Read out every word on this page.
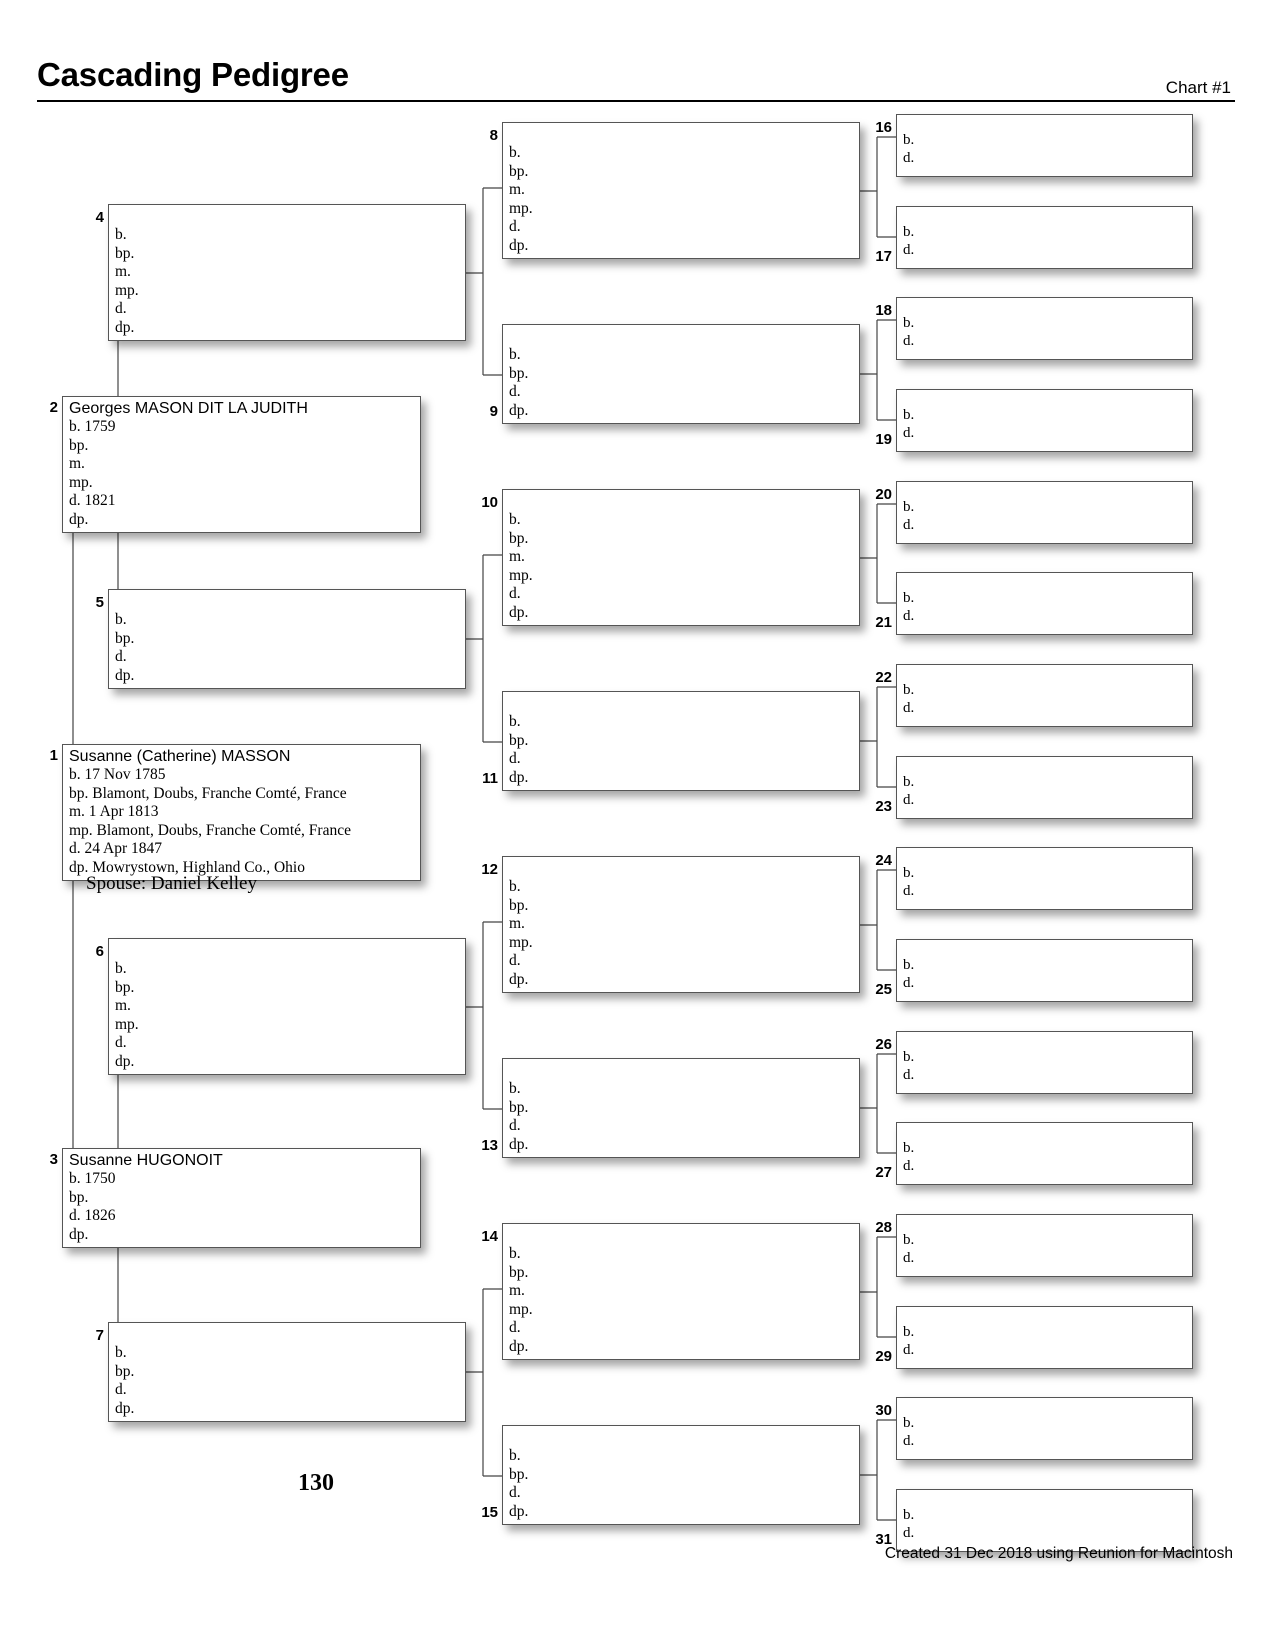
Cascading Pedigree	Chart #1
Susanne (Catherine) MASSON
b. 17 Nov 1785
bp. Blamont, Doubs, Franche Comté, France
m. 1 Apr 1813
mp. Blamont, Doubs, Franche Comté, France
d. 24 Apr 1847
dp. Mowrystown, Highland Co., Ohio
1
Georges MASON DIT LA JUDITH
b. 1759
bp.
m.
mp.
d. 1821
dp.
2
Susanne HUGONOIT
b. 1750
bp.
d. 1826
dp.
3
b.
bp.
m.
mp.
d.
dp.
4
b.
bp.
d.
dp.
5
b.
bp.
m.
mp.
d.
dp.
6
b.
bp.
d.
dp.
7
b.
bp.
m.
mp.
d.
dp.
8
b.
bp.
d.
dp.
9
b.
bp.
m.
mp.
d.
dp.
10
b.
bp.
d.
dp.
11
b.
bp.
m.
mp.
d.
dp.
12
b.
bp.
d.
dp.
13
b.
bp.
m.
mp.
d.
dp.
14
b.
bp.
d.
dp.
15
b.
d.
16
b.
d.
17
b.
d.
18
b.
d.
19
b.
d.
20
b.
d.
21
b.
d.
22
b.
d.
23
b.
d.
24
b.
d.
25
b.
d.
26
b.
d.
27
b.
d.
28
b.
d.
29
b.
d.
30
b.
d.
31
Spouse: Daniel Kelley
130
Created 31 Dec 2018 using Reunion for Macintosh
